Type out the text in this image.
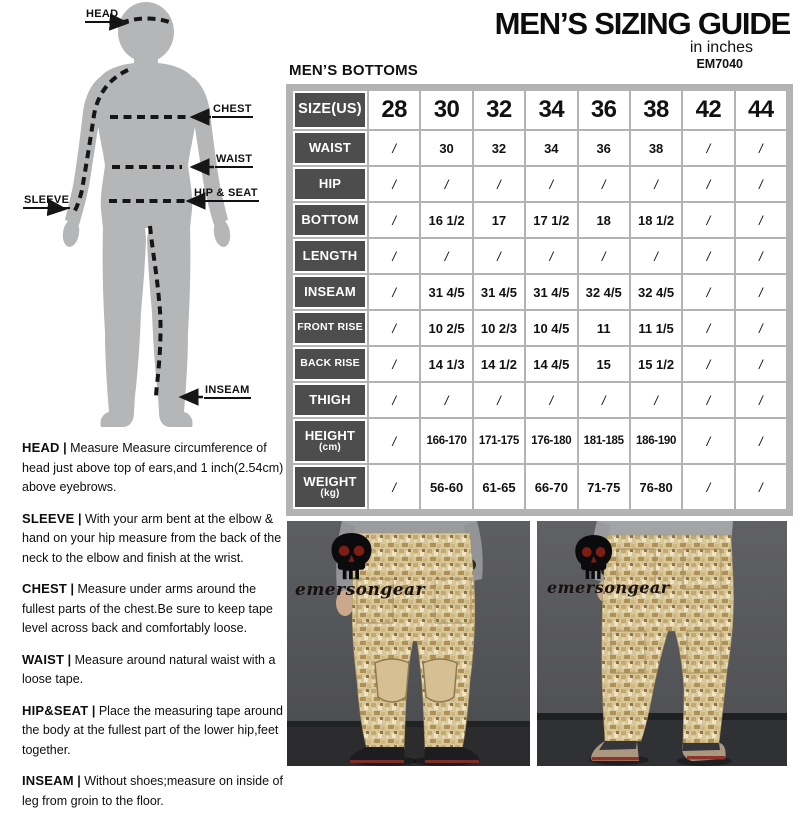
MEN’S SIZING GUIDE
in inches
EM7040
MEN’S BOTTOMS
HEAD
CHEST
WAIST
HIP & SEAT
SLEEVE
INSEAM
SIZE(US) 28	30	32	34	36	38	42	44
WAIST	/	30	32	34	36	38	/	/
HIP	/	/	/	/	/	/	/	/
BOTTOM	/	16 1/2	17	17 1/2	18	18 1/2	/	/
LENGTH	/	/	/	/	/	/	/	/
INSEAM	/	31 4/5	31 4/5	31 4/5	32 4/5	32 4/5	/	/
FRONT RISE	/	10 2/5	10 2/3	10 4/5	11	11 1/5	/	/
BACK RISE	/	14 1/3	14 1/2	14 4/5	15	15 1/2	/	/
THIGH	/	/	/	/	/	/	/	/
HEIGHT
(cm)	/	166-170	171-175	176-180	181-185	186-190	/	/
WEIGHT
(kg)	/	56-60	61-65	66-70	71-75	76-80	/	/

HEAD | Measure Measure circumference of head just above top of ears,and 1 inch(2.54cm) above eyebrows.

SLEEVE | With your arm bent at the elbow & hand on your hip measure from the back of the neck to the elbow and finish at the wrist.

CHEST | Measure under arms around the fullest parts of the chest.Be sure to keep tape level across back and comfortably loose.

WAIST | Measure around natural waist with a loose tape.

HIP&SEAT | Place the measuring tape around the body at the fullest part of the lower hip,feet together.

INSEAM | Without shoes;measure on inside of leg from groin to the floor.

emersongear	emersongear
